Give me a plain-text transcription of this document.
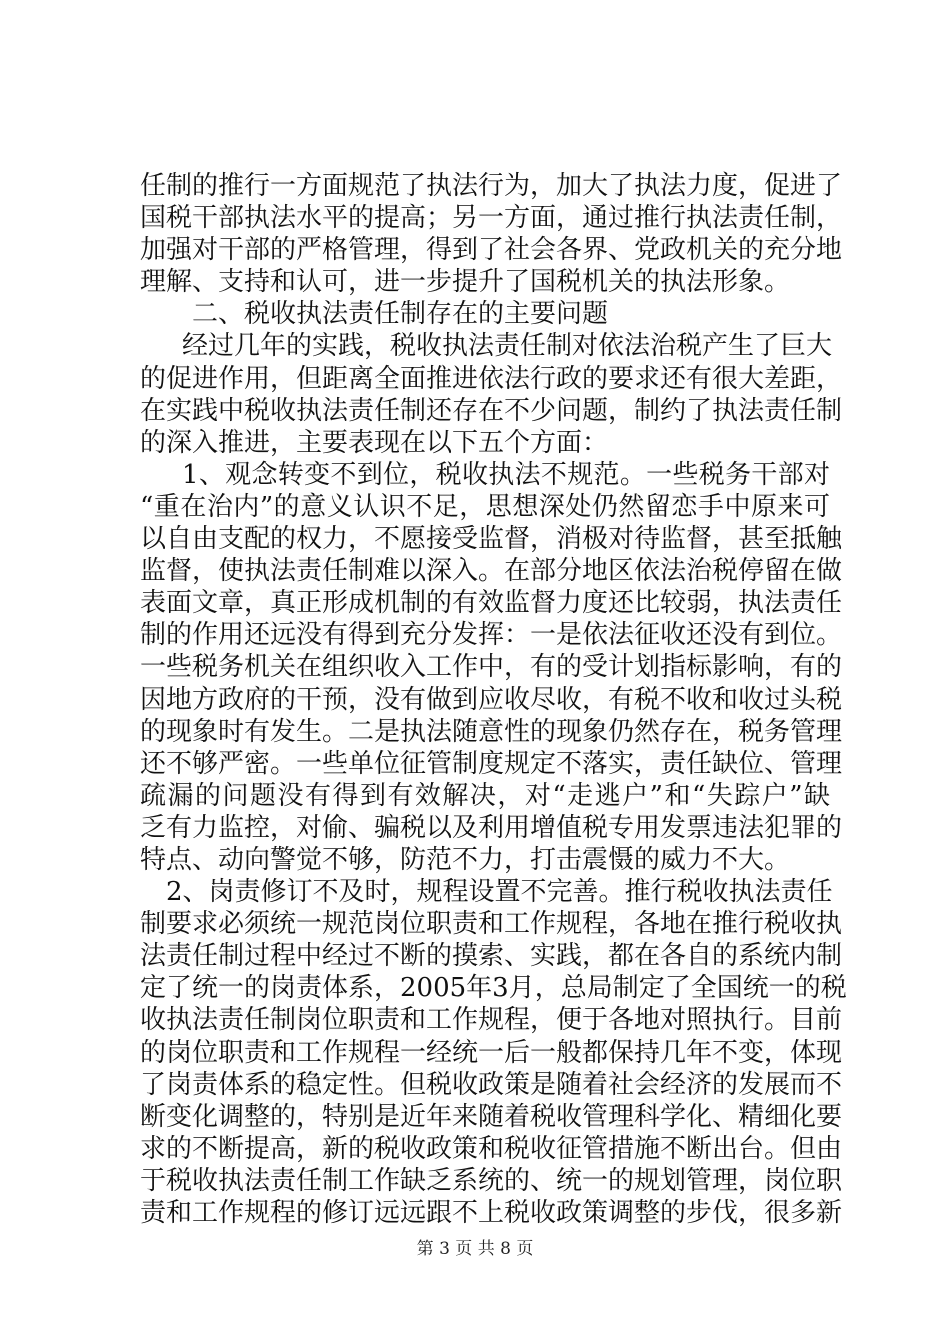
任制的推行一方面规范了执法行为，加大了执法力度，促进了
国税干部执法水平的提高；另一方面，通过推行执法责任制，
加强对干部的严格管理，得到了社会各界、党政机关的充分地
理解、支持和认可，进一步提升了国税机关的执法形象。
二、税收执法责任制存在的主要问题
经过几年的实践，税收执法责任制对依法治税产生了巨大
的促进作用，但距离全面推进依法行政的要求还有很大差距，
在实践中税收执法责任制还存在不少问题，制约了执法责任制
的深入推进，主要表现在以下五个方面：
1、观念转变不到位，税收执法不规范。一些税务干部对
“重在治内”的意义认识不足，思想深处仍然留恋手中原来可
以自由支配的权力，不愿接受监督，消极对待监督，甚至抵触
监督，使执法责任制难以深入。在部分地区依法治税停留在做
表面文章，真正形成机制的有效监督力度还比较弱，执法责任
制的作用还远没有得到充分发挥：一是依法征收还没有到位。
一些税务机关在组织收入工作中，有的受计划指标影响，有的
因地方政府的干预，没有做到应收尽收，有税不收和收过头税
的现象时有发生。二是执法随意性的现象仍然存在，税务管理
还不够严密。一些单位征管制度规定不落实，责任缺位、管理
疏漏的问题没有得到有效解决，对“走逃户”和“失踪户”缺
乏有力监控，对偷、骗税以及利用增值税专用发票违法犯罪的
特点、动向警觉不够，防范不力，打击震慑的威力不大。
2、岗责修订不及时，规程设置不完善。推行税收执法责任
制要求必须统一规范岗位职责和工作规程，各地在推行税收执
法责任制过程中经过不断的摸索、实践，都在各自的系统内制
定了统一的岗责体系，2005年3月，总局制定了全国统一的税
收执法责任制岗位职责和工作规程，便于各地对照执行。目前
的岗位职责和工作规程一经统一后一般都保持几年不变，体现
了岗责体系的稳定性。但税收政策是随着社会经济的发展而不
断变化调整的，特别是近年来随着税收管理科学化、精细化要
求的不断提高，新的税收政策和税收征管措施不断出台。但由
于税收执法责任制工作缺乏系统的、统一的规划管理，岗位职
责和工作规程的修订远远跟不上税收政策调整的步伐，很多新
第 3 页 共 8 页
